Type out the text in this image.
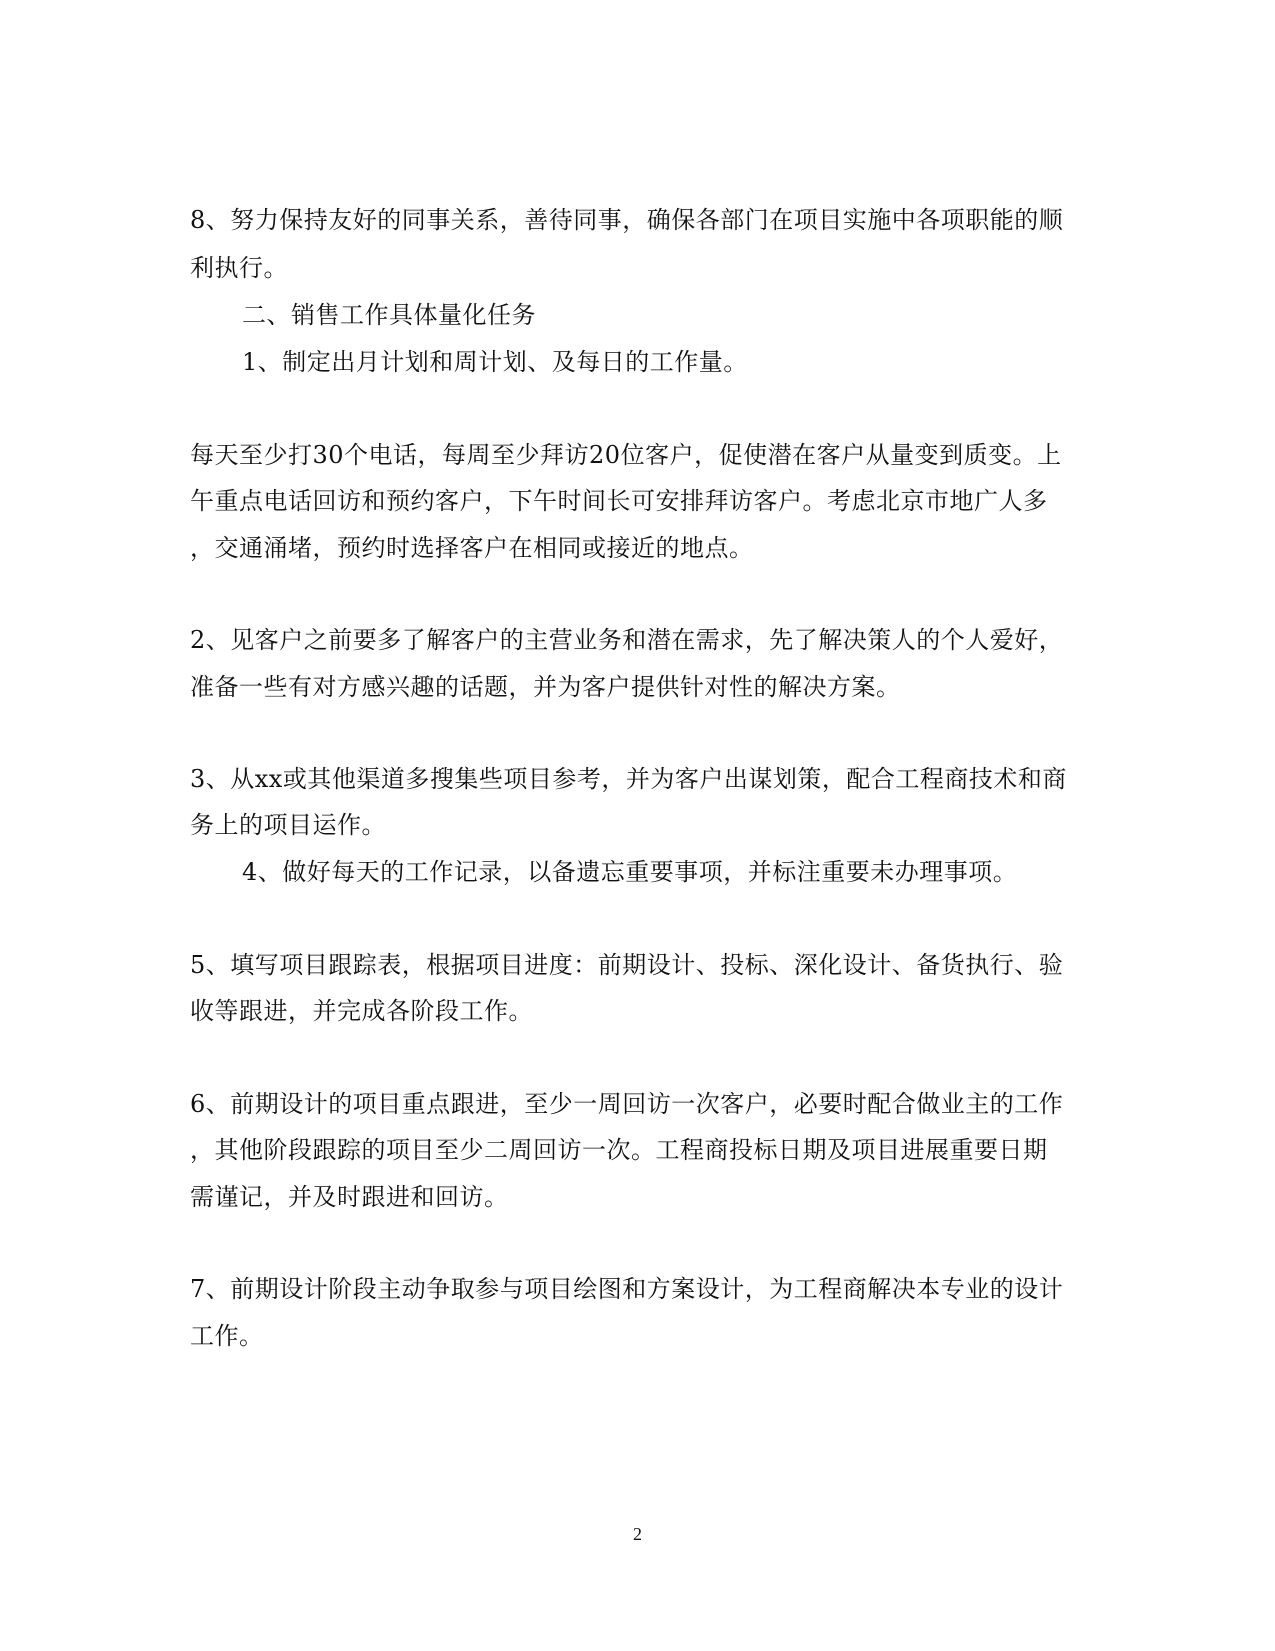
8、努力保持友好的同事关系，善待同事，确保各部门在项目实施中各项职能的顺
利执行。
二、销售工作具体量化任务
1、制定出月计划和周计划、及每日的工作量。
每天至少打30个电话，每周至少拜访20位客户，促使潜在客户从量变到质变。上
午重点电话回访和预约客户，下午时间长可安排拜访客户。考虑北京市地广人多
，交通涌堵，预约时选择客户在相同或接近的地点。
2、见客户之前要多了解客户的主营业务和潜在需求，先了解决策人的个人爱好，
准备一些有对方感兴趣的话题，并为客户提供针对性的解决方案。
3、从xx或其他渠道多搜集些项目参考，并为客户出谋划策，配合工程商技术和商
务上的项目运作。
4、做好每天的工作记录，以备遗忘重要事项，并标注重要未办理事项。
5、填写项目跟踪表，根据项目进度：前期设计、投标、深化设计、备货执行、验
收等跟进，并完成各阶段工作。
6、前期设计的项目重点跟进，至少一周回访一次客户，必要时配合做业主的工作
，其他阶段跟踪的项目至少二周回访一次。工程商投标日期及项目进展重要日期
需谨记，并及时跟进和回访。
7、前期设计阶段主动争取参与项目绘图和方案设计，为工程商解决本专业的设计
工作。
2
